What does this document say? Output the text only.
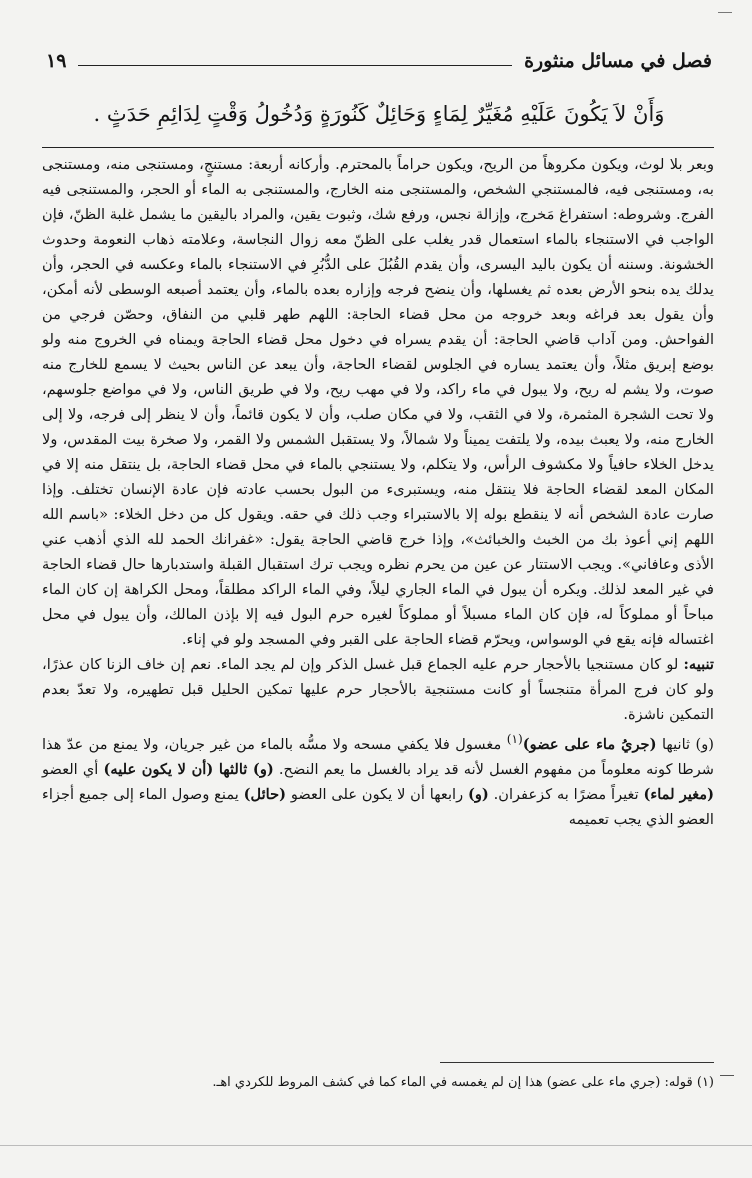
فصل في مسائل منثورة
١٩
وَأَنْ لاَ يَكُونَ عَلَيْهِ مُغَيِّرٌ لِمَاءٍ وَحَائِلٌ كَنُورَةٍ وَدُخُولُ وَقْتٍ لِدَائِمِ حَدَثٍ .

وبعر بلا لوث، ويكون مكروهاً من الريح، ويكون حراماً بالمحترم. وأركانه أربعة: مستنجٍ، ومستنجى منه، ومستنجى به، ومستنجى فيه، فالمستنجي الشخص، والمستنجى منه الخارج، والمستنجى به الماء أو الحجر، والمستنجى فيه الفرج. وشروطه: استفراغ مَخرج، وإزالة نجس، ورفع شك، وثبوت يقين، والمراد باليقين ما يشمل غلبة الظنّ، فإن الواجب في الاستنجاء بالماء استعمال قدر يغلب على الظنّ معه زوال النجاسة، وعلامته ذهاب النعومة وحدوث الخشونة. وسننه أن يكون باليد اليسرى، وأن يقدم القُبُلَ على الدُّبُرِ في الاستنجاء بالماء وعكسه في الحجر، وأن يدلك يده بنحو الأرض بعده ثم يغسلها، وأن ينضح فرجه وإزاره بعده بالماء، وأن يعتمد أصبعه الوسطى لأنه أمكن، وأن يقول بعد فراغه وبعد خروجه من محل قضاء الحاجة: اللهم طهر قلبي من النفاق، وحصّن فرجي من الفواحش. ومن آداب قاضي الحاجة: أن يقدم يسراه في دخول محل قضاء الحاجة ويمناه في الخروج منه ولو بوضع إبريق مثلاً، وأن يعتمد يساره في الجلوس لقضاء الحاجة، وأن يبعد عن الناس بحيث لا يسمع للخارج منه صوت، ولا يشم له ريح، ولا يبول في ماء راكد، ولا في مهب ريح، ولا في طريق الناس، ولا في مواضع جلوسهم، ولا تحت الشجرة المثمرة، ولا في الثقب، ولا في مكان صلب، وأن لا يكون قائماً، وأن لا ينظر إلى فرجه، ولا إلى الخارج منه، ولا يعبث بيده، ولا يلتفت يميناً ولا شمالاً، ولا يستقبل الشمس ولا القمر، ولا صخرة بيت المقدس، ولا يدخل الخلاء حافياً ولا مكشوف الرأس، ولا يتكلم، ولا يستنجي بالماء في محل قضاء الحاجة، بل ينتقل منه إلا في المكان المعد لقضاء الحاجة فلا ينتقل منه، ويستبرىء من البول بحسب عادته فإن عادة الإنسان تختلف. وإذا صارت عادة الشخص أنه لا ينقطع بوله إلا بالاستبراء وجب ذلك في حقه. ويقول كل من دخل الخلاء: «باسم الله اللهم إني أعوذ بك من الخبث والخبائث»، وإذا خرج قاضي الحاجة يقول: «غفرانك الحمد لله الذي أذهب عني الأذى وعافاني». ويجب الاستتار عن عين من يحرم نظره ويجب ترك استقبال القبلة واستدبارها حال قضاء الحاجة في غير المعد لذلك. ويكره أن يبول في الماء الجاري ليلاً، وفي الماء الراكد مطلقاً، ومحل الكراهة إن كان الماء مباحاً أو مملوكاً له، فإن كان الماء مسبلاً أو مملوكاً لغيره حرم البول فيه إلا بإذن المالك، وأن يبول في محل اغتساله فإنه يقع في الوسواس، ويحرّم قضاء الحاجة على القبر وفي المسجد ولو في إناء.

تنبيه: لو كان مستنجيا بالأحجار حرم عليه الجماع قبل غسل الذكر وإن لم يجد الماء. نعم إن خاف الزنا كان عذرًا، ولو كان فرج المرأة متنجساً أو كانت مستنجية بالأحجار حرم عليها تمكين الحليل قبل تطهيره، ولا تعدّ بعدم التمكين ناشزة.

(و) ثانيها (جريُ ماء على عضو)$^{(١)}$ مغسول فلا يكفي مسحه ولا مسُّه بالماء من غير جريان، ولا يمنع من عدّ هذا شرطا كونه معلوماً من مفهوم الغسل لأنه قد يراد بالغسل ما يعم النضح. (و) ثالثها (أن لا يكون عليه) أي العضو (مغير لماء) تغيراً مضرًا به كزعفران. (و) رابعها أن لا يكون على العضو (حائل) يمنع وصول الماء إلى جميع أجزاء العضو الذي يجب تعميمه

(١) قوله: (جري ماء على عضو) هذا إن لم يغمسه في الماء كما في كشف المروط للكردي اهـ.
